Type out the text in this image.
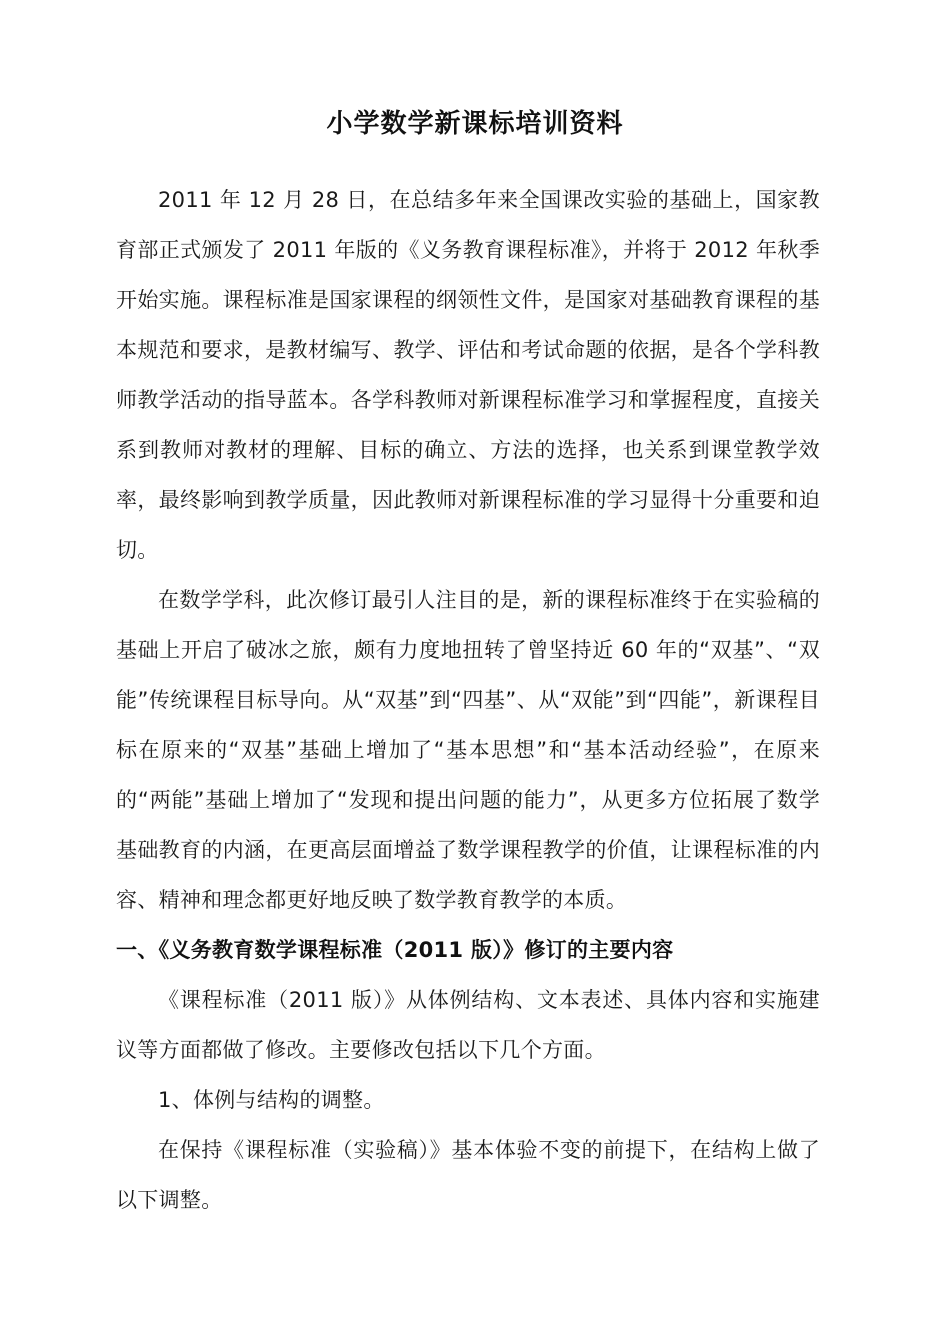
小学数学新课标培训资料

2011 年 12 月 28 日，在总结多年来全国课改实验的基础上，国家教育部正式颁发了 2011 年版的《义务教育课程标准》，并将于 2012 年秋季开始实施。课程标准是国家课程的纲领性文件，是国家对基础教育课程的基本规范和要求，是教材编写、教学、评估和考试命题的依据，是各个学科教师教学活动的指导蓝本。各学科教师对新课程标准学习和掌握程度，直接关系到教师对教材的理解、目标的确立、方法的选择，也关系到课堂教学效率，最终影响到教学质量，因此教师对新课程标准的学习显得十分重要和迫切。

在数学学科，此次修订最引人注目的是，新的课程标准终于在实验稿的基础上开启了破冰之旅，颇有力度地扭转了曾坚持近 60 年的“双基”、“双能”传统课程目标导向。从“双基”到“四基”、从“双能”到“四能”，新课程目标在原来的“双基”基础上增加了“基本思想”和“基本活动经验”，在原来的“两能”基础上增加了“发现和提出问题的能力”，从更多方位拓展了数学基础教育的内涵，在更高层面增益了数学课程教学的价值，让课程标准的内容、精神和理念都更好地反映了数学教育教学的本质。

一、《义务教育数学课程标准（2011 版）》修订的主要内容

《课程标准（2011 版）》从体例结构、文本表述、具体内容和实施建议等方面都做了修改。主要修改包括以下几个方面。

1、体例与结构的调整。

在保持《课程标准（实验稿）》基本体验不变的前提下，在结构上做了以下调整。
